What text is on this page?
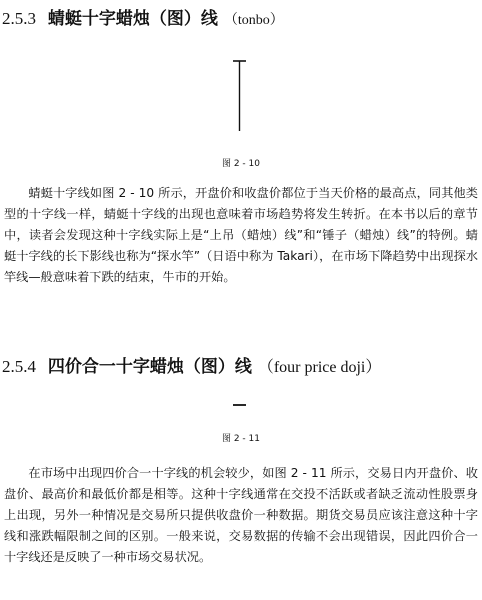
2.5.3 蜻蜓十字蜡烛（图）线 （tonbo）
图 2 - 10

蜻蜓十字线如图 2 - 10 所示，开盘价和收盘价都位于当天价格的最高点，同其他类型的十字线一样，蜻蜓十字线的出现也意味着市场趋势将发生转折。在本书以后的章节中，读者会发现这种十字线实际上是“上吊（蜡烛）线”和“锤子（蜡烛）线”的特例。蜻蜓十字线的长下影线也称为“探水竿”（日语中称为 Takari），在市场下降趋势中出现探水竿线—般意味着下跌的结束，牛市的开始。

2.5.4 四价合一十字蜡烛（图）线 （four price doji）
图 2 - 11

在市场中出现四价合一十字线的机会较少，如图 2 - 11 所示，交易日内开盘价、收盘价、最高价和最低价都是相等。这种十字线通常在交投不活跃或者缺乏流动性股票身上出现，另外一种情况是交易所只提供收盘价一种数据。期货交易员应该注意这种十字线和涨跌幅限制之间的区别。一般来说，交易数据的传输不会出现错误，因此四价合一十字线还是反映了一种市场交易状况。
